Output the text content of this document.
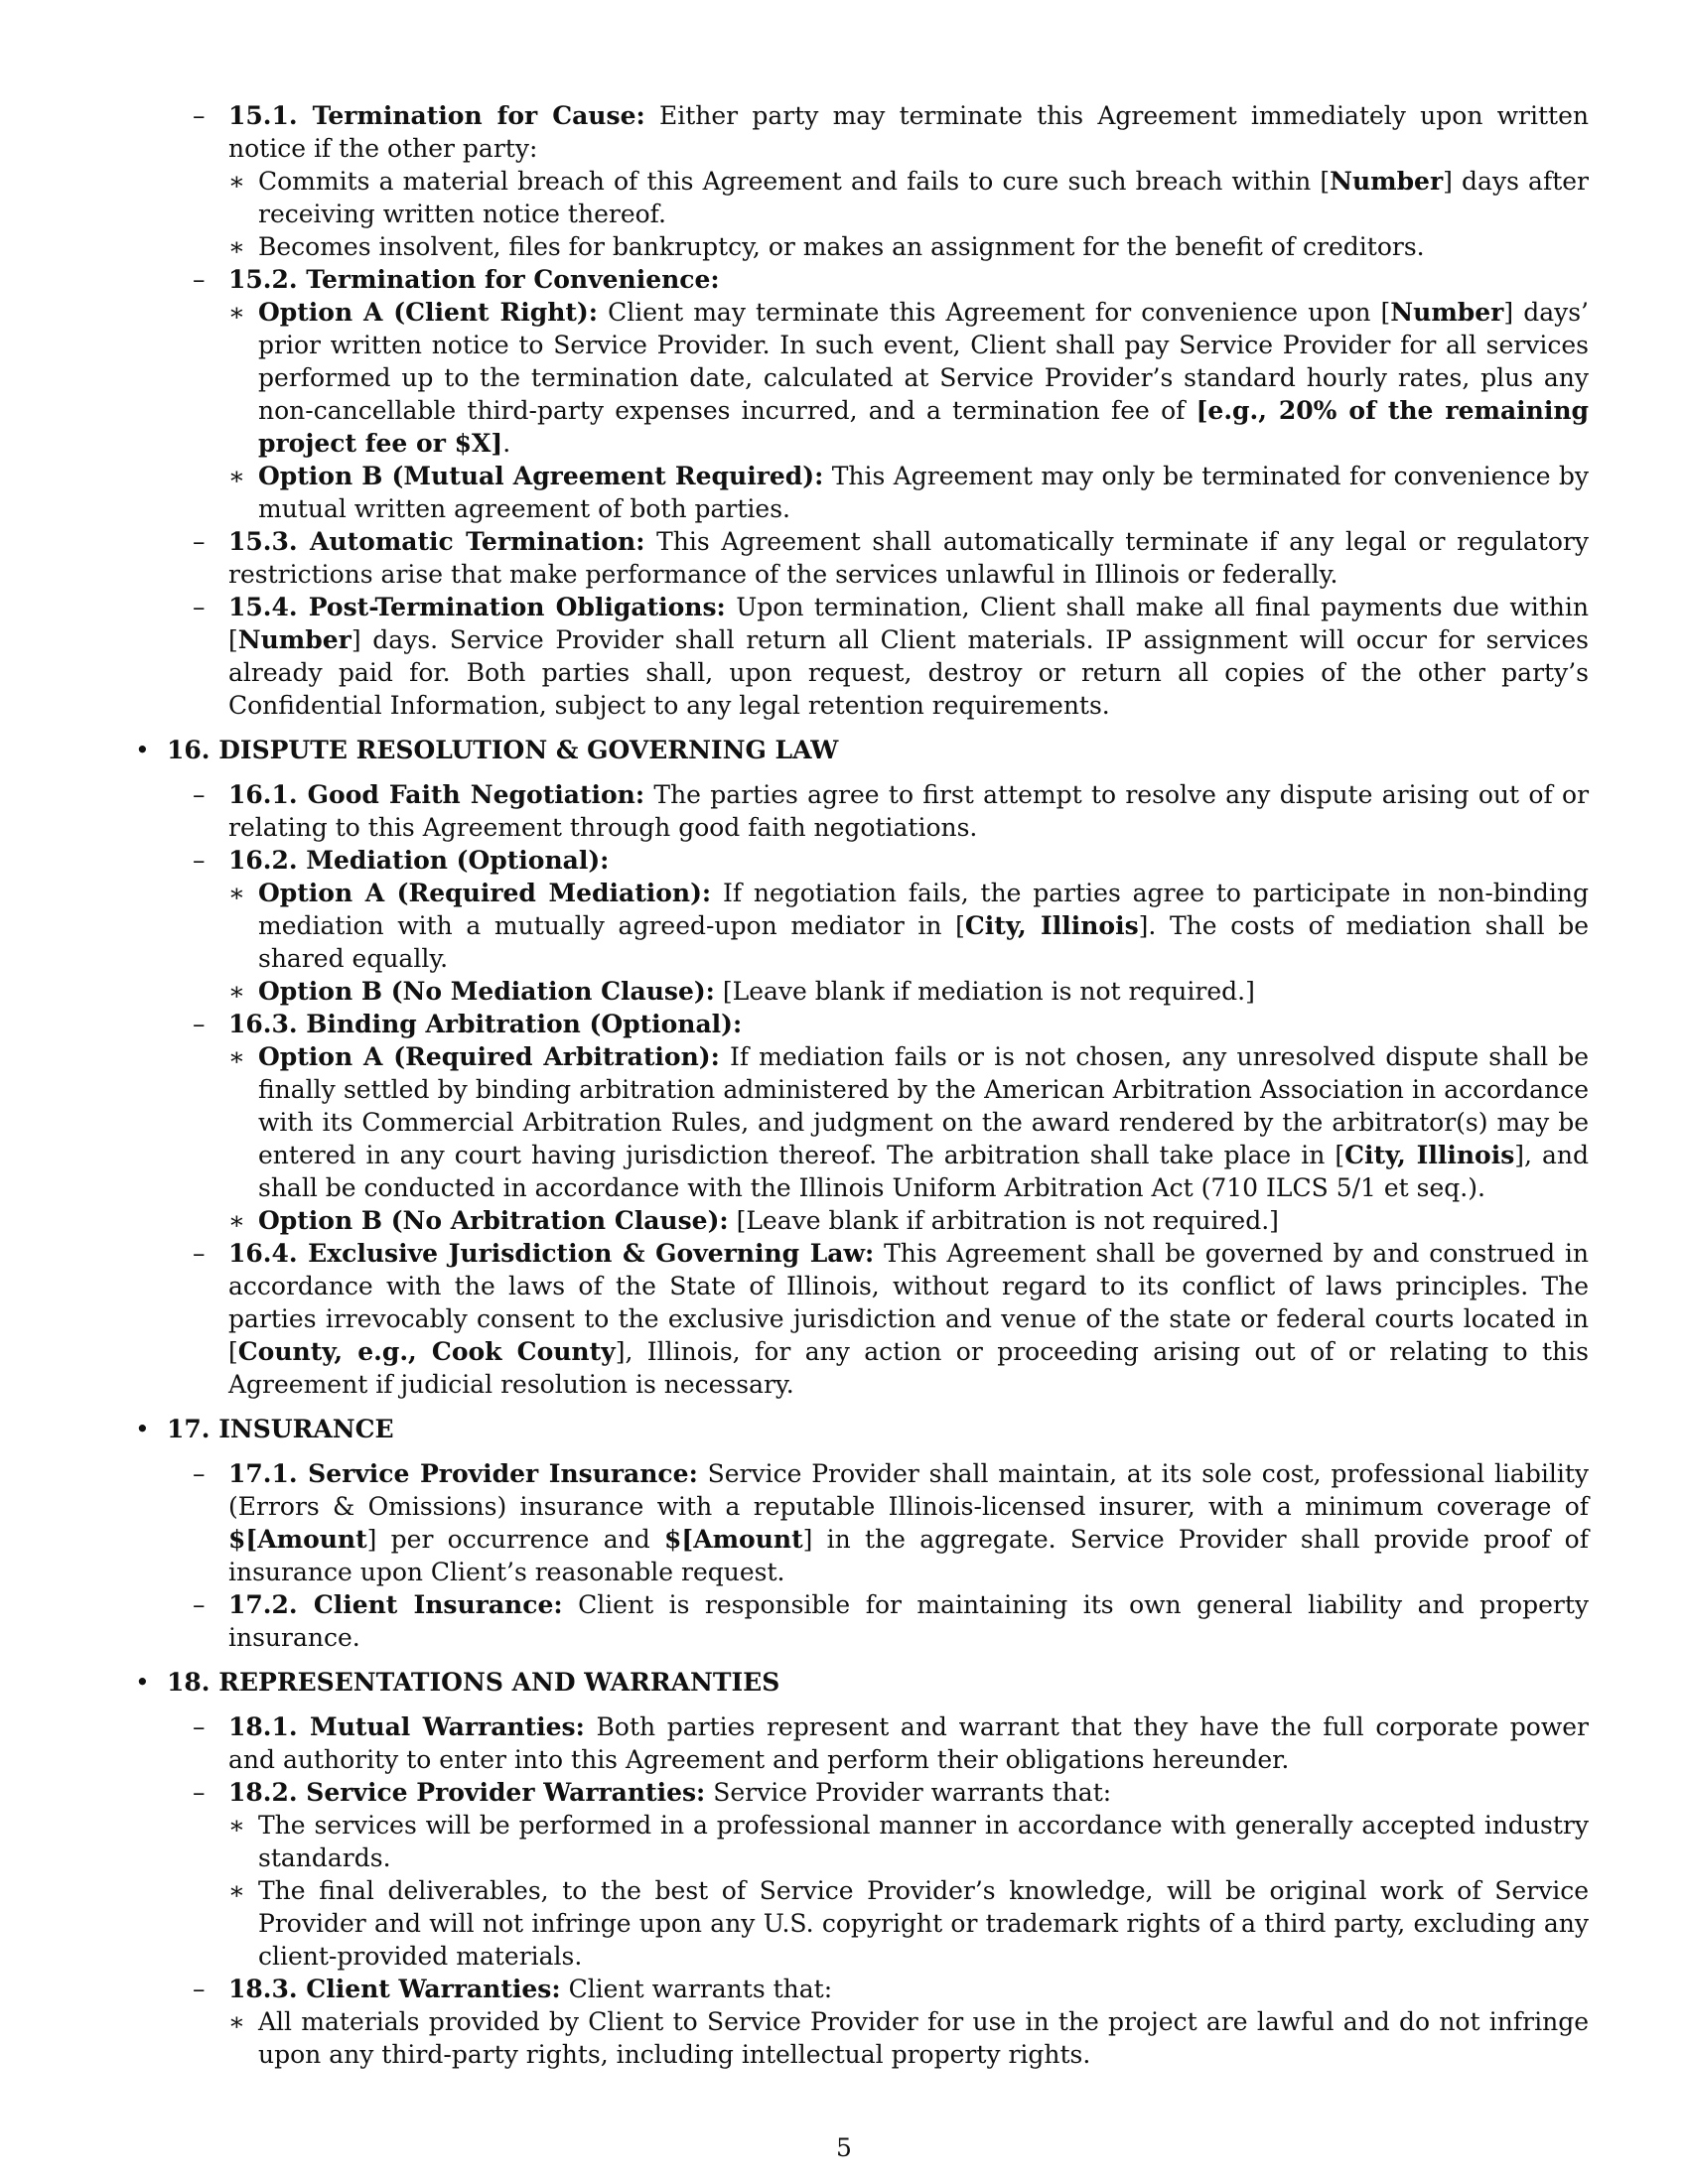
– 15.1. Termination for Cause: Either party may terminate this Agreement immediately upon written notice if the other party:
∗ Commits a material breach of this Agreement and fails to cure such breach within [Number] days after receiving written notice thereof.
∗ Becomes insolvent, files for bankruptcy, or makes an assignment for the benefit of creditors.
– 15.2. Termination for Convenience:
∗ Option A (Client Right): Client may terminate this Agreement for convenience upon [Number] days’ prior written notice to Service Provider. In such event, Client shall pay Service Provider for all services performed up to the termination date, calculated at Service Provider’s standard hourly rates, plus any non-cancellable third-party expenses incurred, and a termination fee of [e.g., 20% of the remaining project fee or $X].
∗ Option B (Mutual Agreement Required): This Agreement may only be terminated for convenience by mutual written agreement of both parties.
– 15.3. Automatic Termination: This Agreement shall automatically terminate if any legal or regulatory restrictions arise that make performance of the services unlawful in Illinois or federally.
– 15.4. Post-Termination Obligations: Upon termination, Client shall make all final payments due within [Number] days. Service Provider shall return all Client materials. IP assignment will occur for services already paid for. Both parties shall, upon request, destroy or return all copies of the other party’s Confidential Information, subject to any legal retention requirements.
• 16. DISPUTE RESOLUTION & GOVERNING LAW
– 16.1. Good Faith Negotiation: The parties agree to first attempt to resolve any dispute arising out of or relating to this Agreement through good faith negotiations.
– 16.2. Mediation (Optional):
∗ Option A (Required Mediation): If negotiation fails, the parties agree to participate in non-binding mediation with a mutually agreed-upon mediator in [City, Illinois]. The costs of mediation shall be shared equally.
∗ Option B (No Mediation Clause): [Leave blank if mediation is not required.]
– 16.3. Binding Arbitration (Optional):
∗ Option A (Required Arbitration): If mediation fails or is not chosen, any unresolved dispute shall be finally settled by binding arbitration administered by the American Arbitration Association in accordance with its Commercial Arbitration Rules, and judgment on the award rendered by the arbitrator(s) may be entered in any court having jurisdiction thereof. The arbitration shall take place in [City, Illinois], and shall be conducted in accordance with the Illinois Uniform Arbitration Act (710 ILCS 5/1 et seq.).
∗ Option B (No Arbitration Clause): [Leave blank if arbitration is not required.]
– 16.4. Exclusive Jurisdiction & Governing Law: This Agreement shall be governed by and construed in accordance with the laws of the State of Illinois, without regard to its conflict of laws principles. The parties irrevocably consent to the exclusive jurisdiction and venue of the state or federal courts located in [County, e.g., Cook County], Illinois, for any action or proceeding arising out of or relating to this Agreement if judicial resolution is necessary.
• 17. INSURANCE
– 17.1. Service Provider Insurance: Service Provider shall maintain, at its sole cost, professional liability (Errors & Omissions) insurance with a reputable Illinois-licensed insurer, with a minimum coverage of $[Amount] per occurrence and $[Amount] in the aggregate. Service Provider shall provide proof of insurance upon Client’s reasonable request.
– 17.2. Client Insurance: Client is responsible for maintaining its own general liability and property insurance.
• 18. REPRESENTATIONS AND WARRANTIES
– 18.1. Mutual Warranties: Both parties represent and warrant that they have the full corporate power and authority to enter into this Agreement and perform their obligations hereunder.
– 18.2. Service Provider Warranties: Service Provider warrants that:
∗ The services will be performed in a professional manner in accordance with generally accepted industry standards.
∗ The final deliverables, to the best of Service Provider’s knowledge, will be original work of Service Provider and will not infringe upon any U.S. copyright or trademark rights of a third party, excluding any client-provided materials.
– 18.3. Client Warranties: Client warrants that:
∗ All materials provided by Client to Service Provider for use in the project are lawful and do not infringe upon any third-party rights, including intellectual property rights.
5
